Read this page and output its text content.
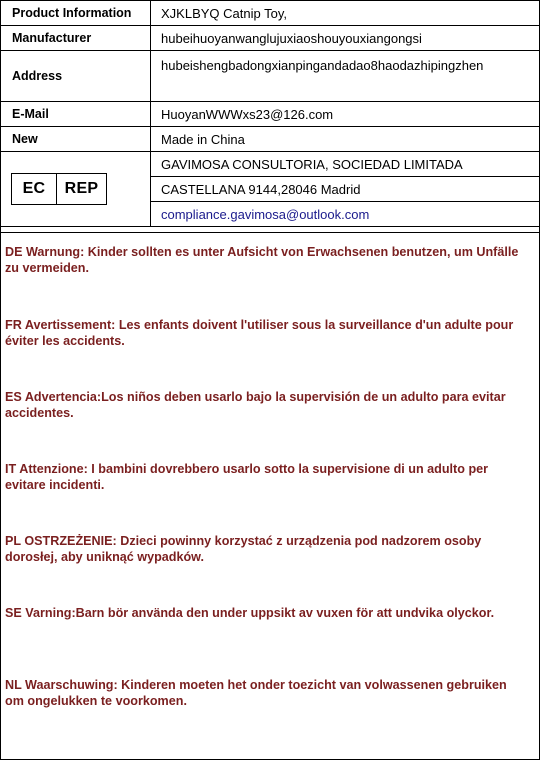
Product Information	XJKLBYQ Catnip Toy,
Manufacturer	hubeihuoyanwanglujuxiaoshouyouxiangongsi
Address	hubeishengbadongxianpingandadao8haodazhipingzhen
E-Mail	HuoyanWWWxs23@126.com
New	Made in China

EC REP	GAVIMOSA CONSULTORIA, SOCIEDAD LIMITADA
	CASTELLANA 9144,28046 Madrid
	compliance.gavimosa@outlook.com
DE Warnung: Kinder sollten es unter Aufsicht von Erwachsenen benutzen, um Unfälle zu vermeiden.
FR Avertissement: Les enfants doivent l'utiliser sous la surveillance d'un adulte pour éviter les accidents.
ES Advertencia:Los niños deben usarlo bajo la supervisión de un adulto para evitar accidentes.
IT Attenzione: I bambini dovrebbero usarlo sotto la supervisione di un adulto per evitare incidenti.
PL OSTRZEŻENIE: Dzieci powinny korzystać z urządzenia pod nadzorem osoby dorosłej, aby uniknąć wypadków.
SE Varning:Barn bör använda den under uppsikt av vuxen för att undvika olyckor.
NL Waarschuwing: Kinderen moeten het onder toezicht van volwassenen gebruiken om ongelukken te voorkomen.
